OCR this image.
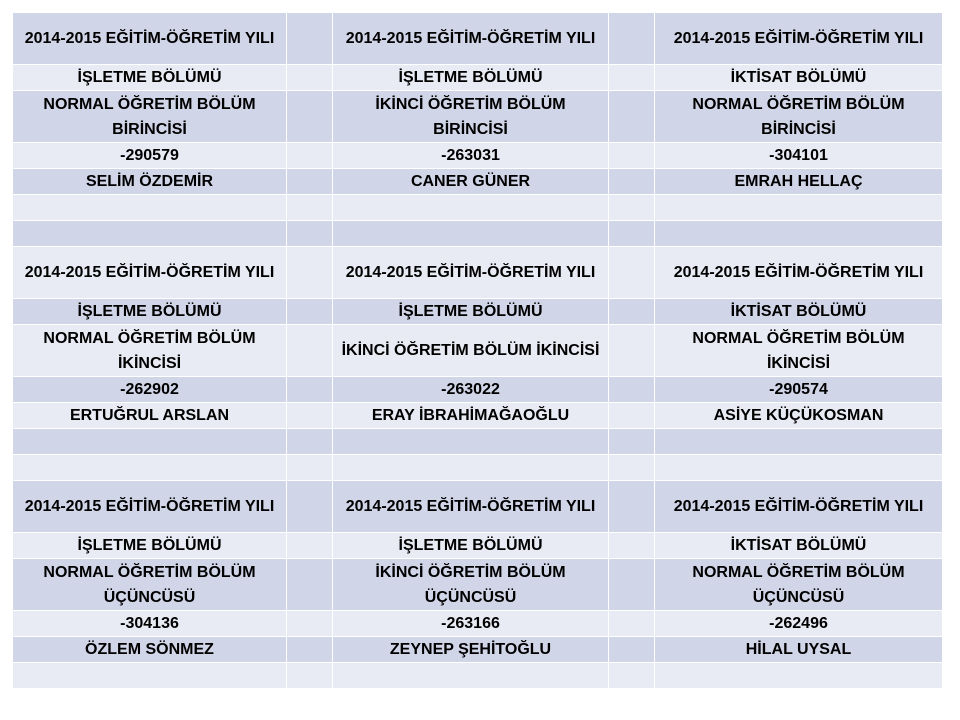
2014-2015 EĞİTİM-ÖĞRETİM YILI		2014-2015 EĞİTİM-ÖĞRETİM YILI		2014-2015 EĞİTİM-ÖĞRETİM YILI
İŞLETME BÖLÜMÜ		İŞLETME BÖLÜMÜ		İKTİSAT BÖLÜMÜ
NORMAL ÖĞRETİM BÖLÜM BİRİNCİSİ		İKİNCİ ÖĞRETİM BÖLÜM BİRİNCİSİ		NORMAL ÖĞRETİM BÖLÜM BİRİNCİSİ
-290579		-263031		-304101
SELİM ÖZDEMİR		CANER GÜNER		EMRAH HELLAÇ

2014-2015 EĞİTİM-ÖĞRETİM YILI		2014-2015 EĞİTİM-ÖĞRETİM YILI		2014-2015 EĞİTİM-ÖĞRETİM YILI
İŞLETME BÖLÜMÜ		İŞLETME BÖLÜMÜ		İKTİSAT BÖLÜMÜ
NORMAL ÖĞRETİM BÖLÜM İKİNCİSİ		İKİNCİ ÖĞRETİM BÖLÜM İKİNCİSİ		NORMAL ÖĞRETİM BÖLÜM İKİNCİSİ
-262902		-263022		-290574
ERTUĞRUL ARSLAN		ERAY İBRAHİMAĞAOĞLU		ASİYE KÜÇÜKOSMAN

2014-2015 EĞİTİM-ÖĞRETİM YILI		2014-2015 EĞİTİM-ÖĞRETİM YILI		2014-2015 EĞİTİM-ÖĞRETİM YILI
İŞLETME BÖLÜMÜ		İŞLETME BÖLÜMÜ		İKTİSAT BÖLÜMÜ
NORMAL ÖĞRETİM BÖLÜM ÜÇÜNCÜSÜ		İKİNCİ ÖĞRETİM BÖLÜM ÜÇÜNCÜSÜ		NORMAL ÖĞRETİM BÖLÜM ÜÇÜNCÜSÜ
-304136		-263166		-262496
ÖZLEM SÖNMEZ		ZEYNEP ŞEHİTOĞLU		HİLAL UYSAL
